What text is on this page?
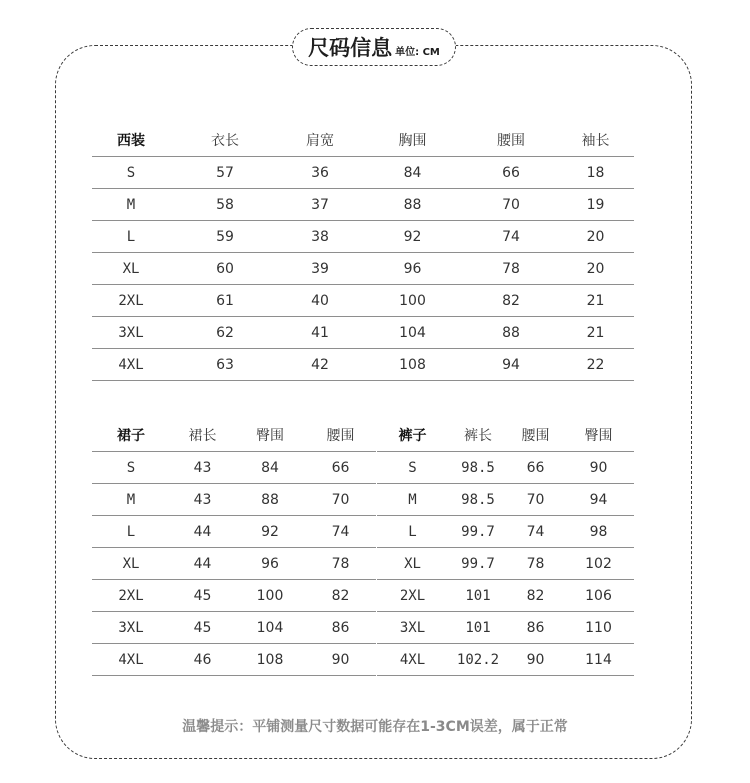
尺码信息 单位: CM
西装	衣长	肩宽	胸围	腰围	袖长
S	57	36	84	66	18
M	58	37	88	70	19
L	59	38	92	74	20
XL	60	39	96	78	20
2XL	61	40	100	82	21
3XL	62	41	104	88	21
4XL	63	42	108	94	22
裙子	裙长	臀围	腰围
S	43	84	66
M	43	88	70
L	44	92	74
XL	44	96	78
2XL	45	100	82
3XL	45	104	86
4XL	46	108	90
裤子	裤长	腰围	臀围
S	98.5	66	90
M	98.5	70	94
L	99.7	74	98
XL	99.7	78	102
2XL	101	82	106
3XL	101	86	110
4XL	102.2	90	114
温馨提示：平铺测量尺寸数据可能存在1-3CM误差，属于正常
